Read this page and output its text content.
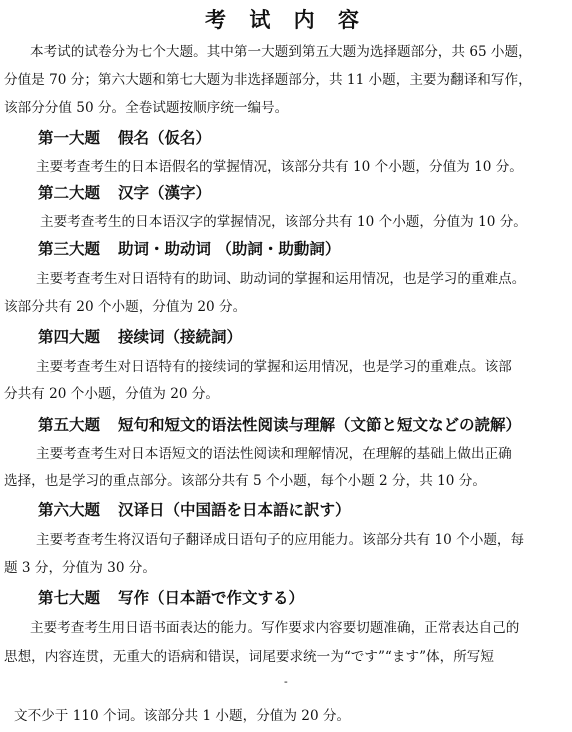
考 试 内 容
本考试的试卷分为七个大题。其中第一大题到第五大题为选择题部分，共 65 小题，
分值是 70 分；第六大题和第七大题为非选择题部分，共 11 小题，主要为翻译和写作，
该部分分值 50 分。全卷试题按顺序统一编号。
第一大题 假名（仮名）
主要考查考生的日本语假名的掌握情况，该部分共有 10 个小题，分值为 10 分。
第二大题 汉字（漢字）
主要考查考生的日本语汉字的掌握情况，该部分共有 10 个小题，分值为 10 分。
第三大题 助词・助动词 （助詞・助動詞）
主要考查考生对日语特有的助词、助动词的掌握和运用情况，也是学习的重难点。
该部分共有 20 个小题，分值为 20 分。
第四大题 接续词（接続詞）
主要考查考生对日语特有的接续词的掌握和运用情况，也是学习的重难点。该部
分共有 20 个小题，分值为 20 分。
第五大题 短句和短文的语法性阅读与理解（文節と短文などの読解）
主要考查考生对日本语短文的语法性阅读和理解情况，在理解的基础上做出正确
选择，也是学习的重点部分。该部分共有 5 个小题，每个小题 2 分，共 10 分。
第六大题 汉译日（中国語を日本語に訳す）
主要考查考生将汉语句子翻译成日语句子的应用能力。该部分共有 10 个小题，每
题 3 分，分值为 30 分。
第七大题 写作（日本語で作文する）
主要考查考生用日语书面表达的能力。写作要求内容要切题准确，正常表达自己的
思想，内容连贯，无重大的语病和错误，词尾要求统一为“です”“ます”体，所写短
-
文不少于 110 个词。该部分共 1 小题，分值为 20 分。
